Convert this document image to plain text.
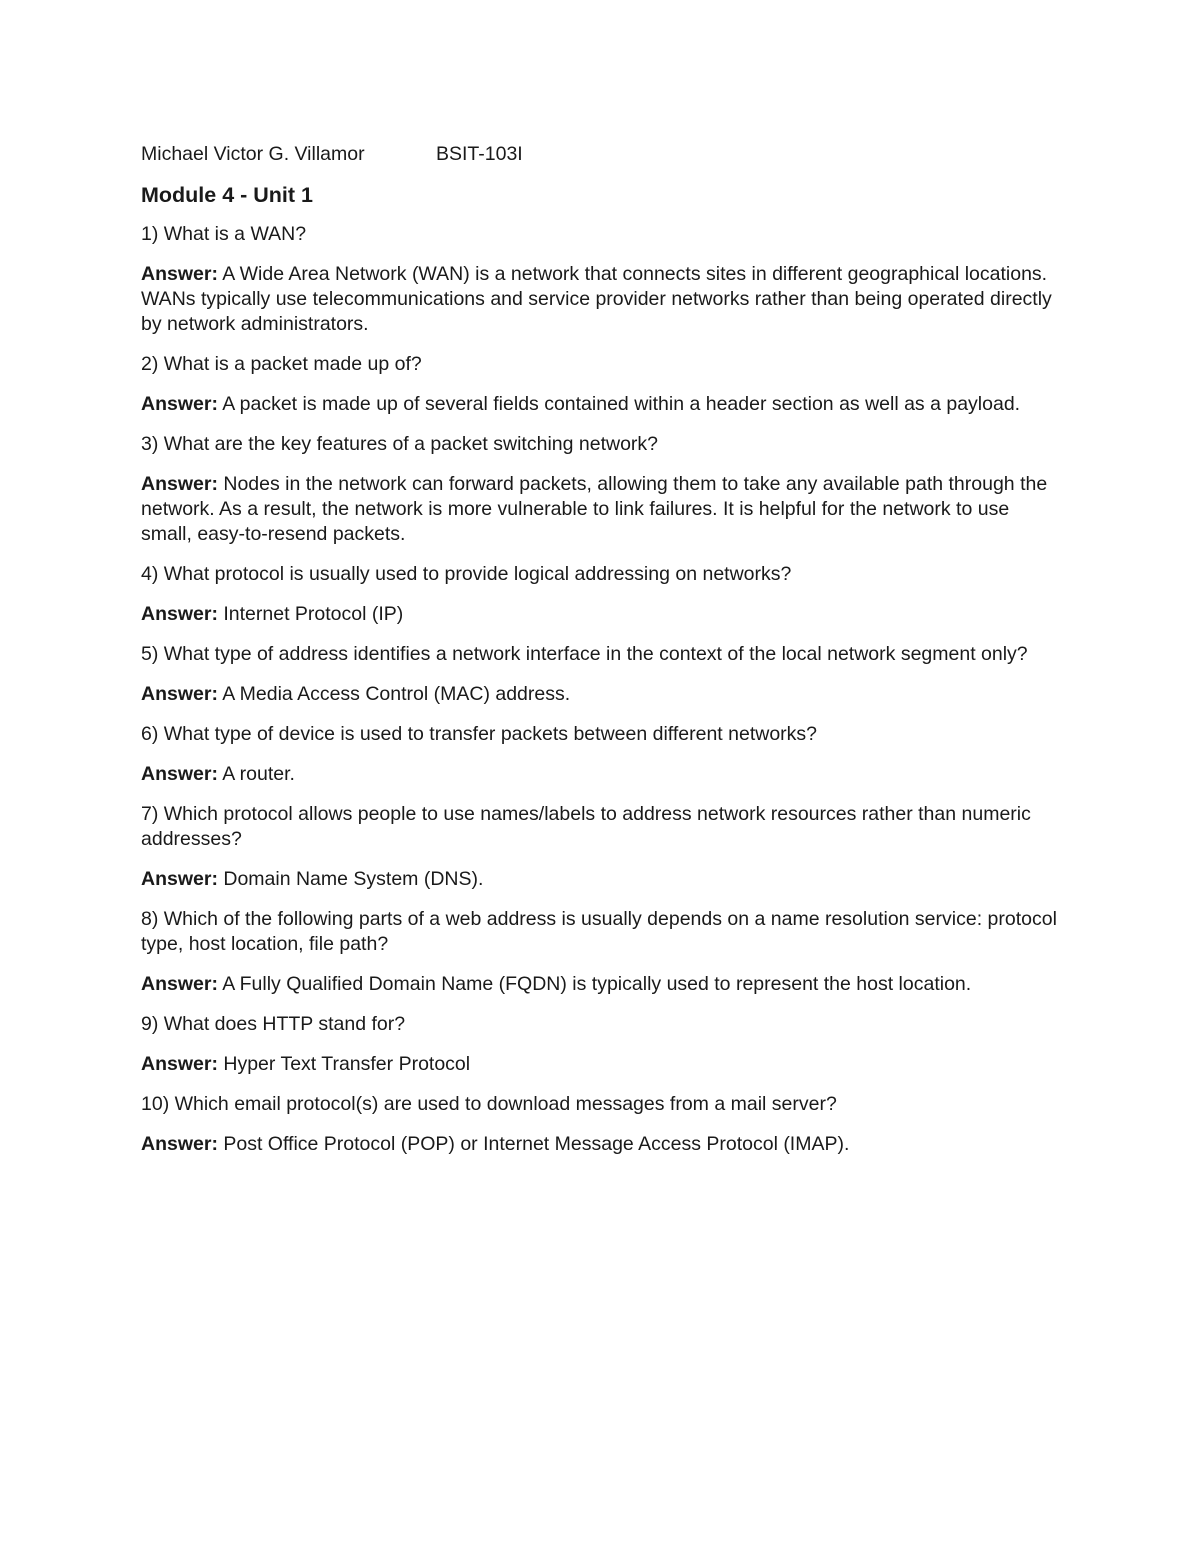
Michael Victor G. Villamor	BSIT-103I
Module 4 - Unit 1

1) What is a WAN?

Answer: A Wide Area Network (WAN) is a network that connects sites in different geographical locations. WANs typically use telecommunications and service provider networks rather than being operated directly by network administrators.

2) What is a packet made up of?

Answer: A packet is made up of several fields contained within a header section as well as a payload.

3) What are the key features of a packet switching network?

Answer: Nodes in the network can forward packets, allowing them to take any available path through the network. As a result, the network is more vulnerable to link failures. It is helpful for the network to use small, easy-to-resend packets.

4) What protocol is usually used to provide logical addressing on networks?

Answer: Internet Protocol (IP)

5) What type of address identifies a network interface in the context of the local network segment only?

Answer: A Media Access Control (MAC) address.

6) What type of device is used to transfer packets between different networks?

Answer: A router.

7) Which protocol allows people to use names/labels to address network resources rather than numeric addresses?

Answer: Domain Name System (DNS).

8) Which of the following parts of a web address is usually depends on a name resolution service: protocol type, host location, file path?

Answer: A Fully Qualified Domain Name (FQDN) is typically used to represent the host location.

9) What does HTTP stand for?

Answer: Hyper Text Transfer Protocol

10) Which email protocol(s) are used to download messages from a mail server?

Answer: Post Office Protocol (POP) or Internet Message Access Protocol (IMAP).
